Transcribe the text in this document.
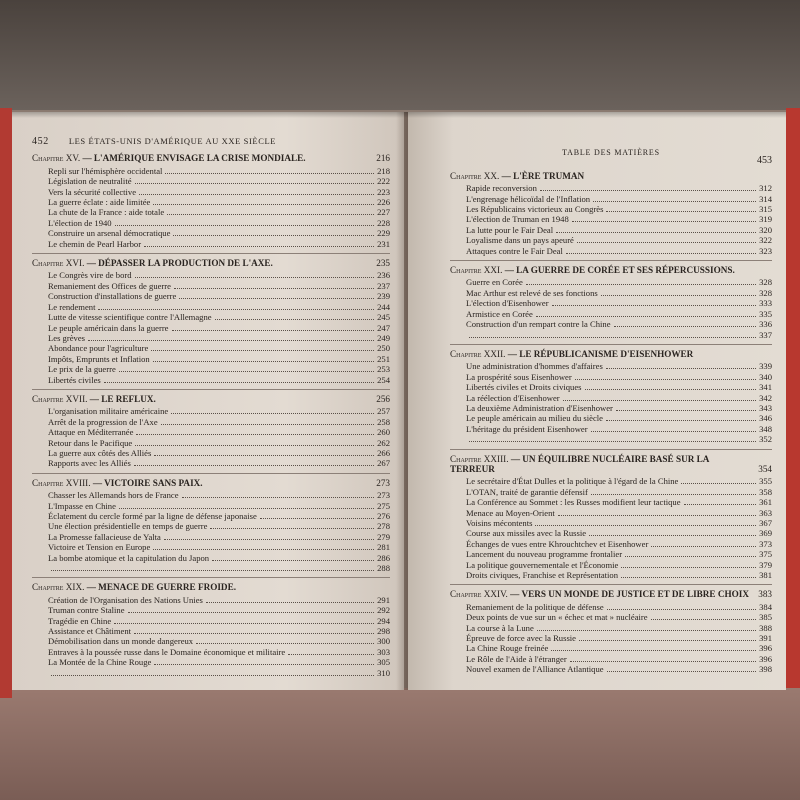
452 LES ÉTATS-UNIS D'AMÉRIQUE AU XXE SIÈCLE
Chapitre XV. — L'AMÉRIQUE ENVISAGE LA CRISE MONDIALE.	216
Repli sur l'hémisphère occidental	218
Législation de neutralité	222
Vers la sécurité collective	223
La guerre éclate : aide limitée	226
La chute de la France : aide totale	227
L'élection de 1940	228
Construire un arsenal démocratique	229
Le chemin de Pearl Harbor	231
Chapitre XVI. — DÉPASSER LA PRODUCTION DE L'AXE.	235
Le Congrès vire de bord	236
Remaniement des Offices de guerre	237
Construction d'installations de guerre	239
Le rendement	244
Lutte de vitesse scientifique contre l'Allemagne	245
Le peuple américain dans la guerre	247
Les grèves	249
Abondance pour l'agriculture	250
Impôts, Emprunts et Inflation	251
Le prix de la guerre	253
Libertés civiles	254
Chapitre XVII. — LE REFLUX.	256
L'organisation militaire américaine	257
Arrêt de la progression de l'Axe	258
Attaque en Méditerranée	260
Retour dans le Pacifique	262
La guerre aux côtés des Alliés	266
Rapports avec les Alliés	267
Chapitre XVIII. — VICTOIRE SANS PAIX.	273
Chasser les Allemands hors de France	273
L'Impasse en Chine	275
Éclatement du cercle formé par la ligne de défense japonaise	276
Une élection présidentielle en temps de guerre	278
La Promesse fallacieuse de Yalta	279
Victoire et Tension en Europe	281
La bombe atomique et la capitulation du Japon	286
288
Chapitre XIX. — MENACE DE GUERRE FROIDE.
Création de l'Organisation des Nations Unies	291
Truman contre Staline	292
Tragédie en Chine	294
Assistance et Châtiment	298
Démobilisation dans un monde dangereux	300
Entraves à la poussée russe dans le Domaine économique et militaire	303
La Montée de la Chine Rouge	305
310
TABLE DES MATIÈRES
453
Chapitre XX. — L'ÈRE TRUMAN
Rapide reconversion	312
L'engrenage hélicoïdal de l'Inflation	314
Les Républicains victorieux au Congrès	315
L'élection de Truman en 1948	319
La lutte pour le Fair Deal	320
Loyalisme dans un pays apeuré	322
Attaques contre le Fair Deal	323
Chapitre XXI. — LA GUERRE DE CORÉE ET SES RÉPERCUSSIONS.
Guerre en Corée	328
Mac Arthur est relevé de ses fonctions	328
L'élection d'Eisenhower	333
Armistice en Corée	335
Construction d'un rempart contre la Chine	336
337
Chapitre XXII. — LE RÉPUBLICANISME D'EISENHOWER
Une administration d'hommes d'affaires	339
La prospérité sous Eisenhower	340
Libertés civiles et Droits civiques	341
La réélection d'Eisenhower	342
La deuxième Administration d'Eisenhower	343
Le peuple américain au milieu du siècle	346
L'héritage du président Eisenhower	348
352
Chapitre XXIII. — UN ÉQUILIBRE NUCLÉAIRE BASÉ SUR LA TERREUR	354
Le secrétaire d'État Dulles et la politique à l'égard de la Chine	355
L'OTAN, traité de garantie défensif	358
La Conférence au Sommet : les Russes modifient leur tactique	361
Menace au Moyen-Orient	363
Voisins mécontents	367
Course aux missiles avec la Russie	369
Échanges de vues entre Khrouchtchev et Eisenhower	373
Lancement du nouveau programme frontalier	375
La politique gouvernementale et l'Économie	379
Droits civiques, Franchise et Représentation	381
Chapitre XXIV. — VERS UN MONDE DE JUSTICE ET DE LIBRE CHOIX	383
Remaniement de la politique de défense	384
Deux points de vue sur un « échec et mat » nucléaire	385
La course à la Lune	388
Épreuve de force avec la Russie	391
La Chine Rouge freinée	396
Le Rôle de l'Aide à l'étranger	396
Nouvel examen de l'Alliance Atlantique	398
